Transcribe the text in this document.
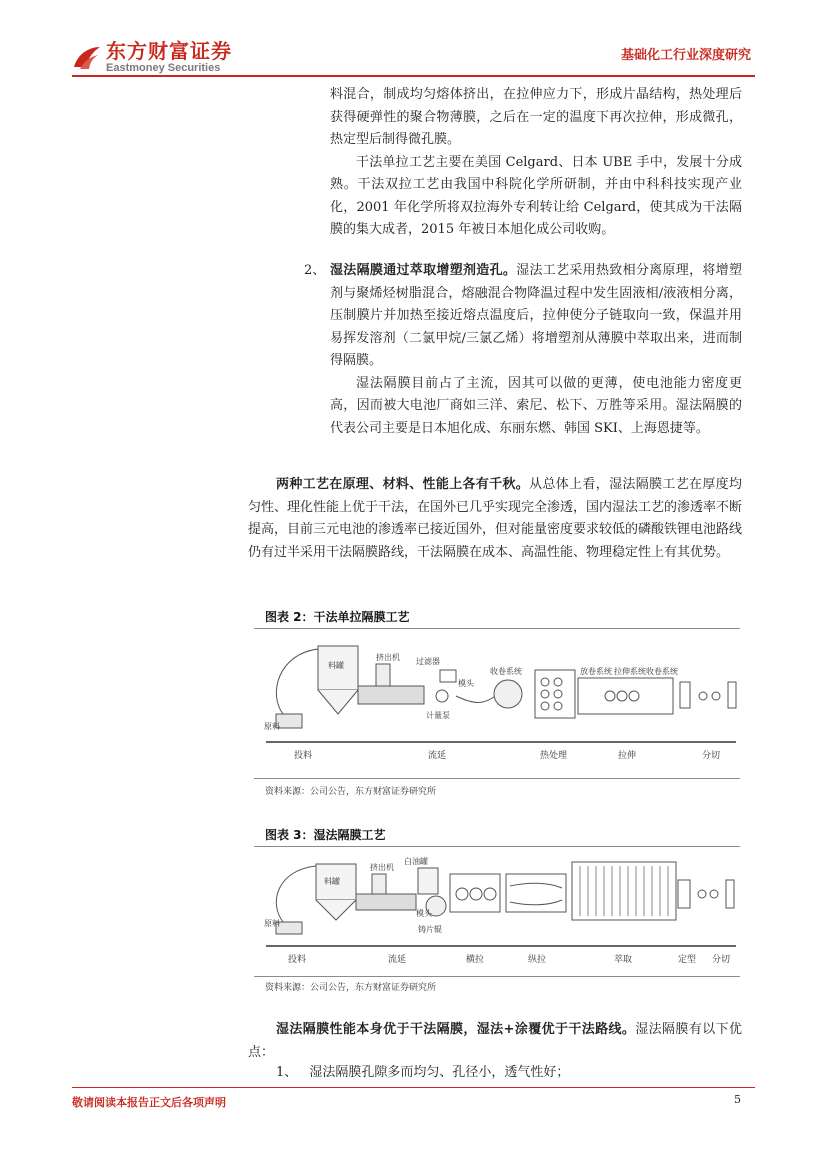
东方财富证券
Eastmoney Securities
基础化工行业深度研究

料混合，制成均匀熔体挤出，在拉伸应力下，形成片晶结构，热处理后获得硬弹性的聚合物薄膜，之后在一定的温度下再次拉伸，形成微孔，热定型后制得微孔膜。

干法单拉工艺主要在美国 Celgard、日本 UBE 手中，发展十分成熟。干法双拉工艺由我国中科院化学所研制，并由中科科技实现产业化，2001 年化学所将双拉海外专利转让给 Celgard，使其成为干法隔膜的集大成者，2015 年被日本旭化成公司收购。

2、 湿法隔膜通过萃取增塑剂造孔。湿法工艺采用热致相分离原理，将增塑剂与聚烯烃树脂混合，熔融混合物降温过程中发生固液相/液液相分离，压制膜片并加热至接近熔点温度后，拉伸使分子链取向一致，保温并用易挥发溶剂（二氯甲烷/三氯乙烯）将增塑剂从薄膜中萃取出来，进而制得隔膜。

湿法隔膜目前占了主流，因其可以做的更薄，使电池能力密度更高，因而被大电池厂商如三洋、索尼、松下、万胜等采用。湿法隔膜的代表公司主要是日本旭化成、东丽东燃、韩国 SKI、上海恩捷等。

两种工艺在原理、材料、性能上各有千秋。从总体上看，湿法隔膜工艺在厚度均匀性、理化性能上优于干法，在国外已几乎实现完全渗透，国内湿法工艺的渗透率不断提高，目前三元电池的渗透率已接近国外，但对能量密度要求较低的磷酸铁锂电池路线仍有过半采用干法隔膜路线，干法隔膜在成本、高温性能、物理稳定性上有其优势。

图表 2：干法单拉隔膜工艺
原料
料罐
挤出机 过滤器
计量泵
模头
收卷系统	放卷系统 拉伸系统 收卷系统
投料	流延	热处理	拉伸	分切
资料来源：公司公告，东方财富证券研究所
图表 3：湿法隔膜工艺
原料
料罐
挤出机
白油罐
模头
铸片辊
投料	流延	横拉	纵拉	萃取	定型 分切
资料来源：公司公告，东方财富证券研究所

湿法隔膜性能本身优于干法隔膜，湿法+涂覆优于干法路线。湿法隔膜有以下优点：

1、 湿法隔膜孔隙多而均匀、孔径小，透气性好；
敬请阅读本报告正文后各项声明	5
